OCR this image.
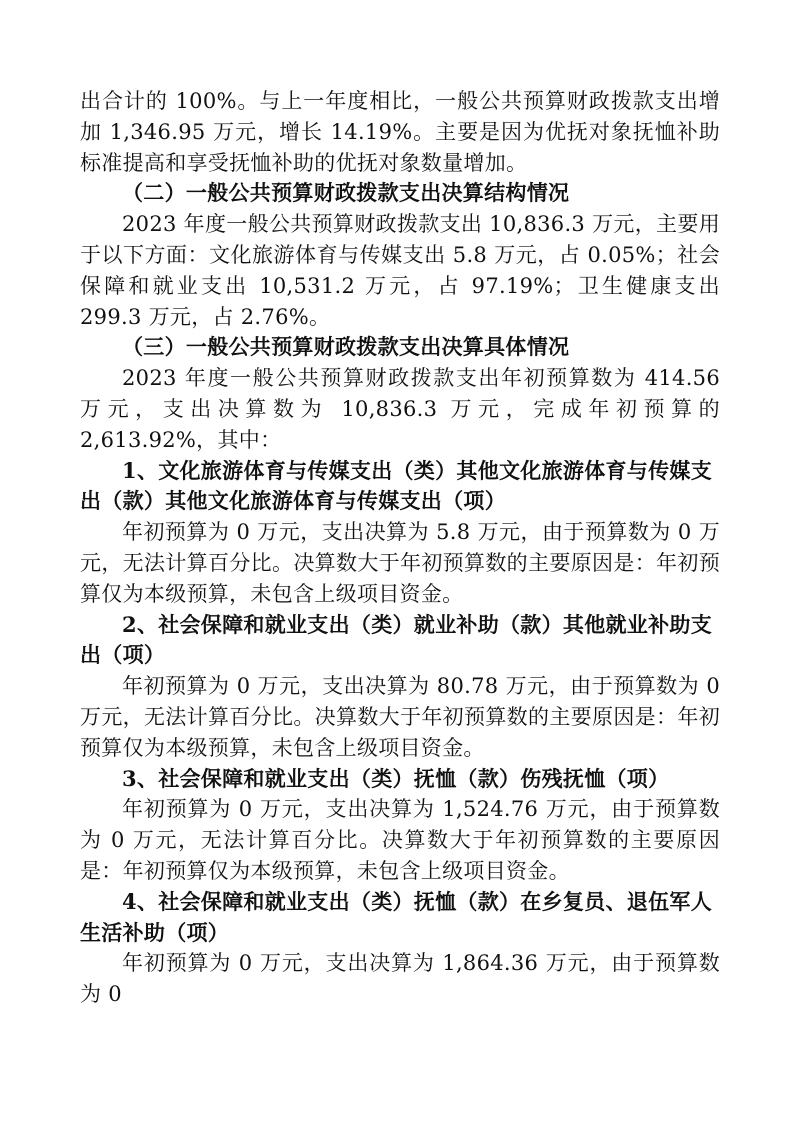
出合计的 100%。与上一年度相比，一般公共预算财政拨款支出增加 1,346.95 万元，增长 14.19%。主要是因为优抚对象抚恤补助标准提高和享受抚恤补助的优抚对象数量增加。

（二）一般公共预算财政拨款支出决算结构情况

2023 年度一般公共预算财政拨款支出 10,836.3 万元，主要用于以下方面：文化旅游体育与传媒支出 5.8 万元，占 0.05%；社会保障和就业支出 10,531.2 万元，占 97.19%；卫生健康支出 299.3 万元，占 2.76%。

（三）一般公共预算财政拨款支出决算具体情况

2023 年度一般公共预算财政拨款支出年初预算数为 414.56 万元，支出决算数为 10,836.3 万元，完成年初预算的 2,613.92%，其中：

1、文化旅游体育与传媒支出（类）其他文化旅游体育与传媒支出（款）其他文化旅游体育与传媒支出（项）

年初预算为 0 万元，支出决算为 5.8 万元，由于预算数为 0 万元，无法计算百分比。决算数大于年初预算数的主要原因是：年初预算仅为本级预算，未包含上级项目资金。

2、社会保障和就业支出（类）就业补助（款）其他就业补助支出（项）

年初预算为 0 万元，支出决算为 80.78 万元，由于预算数为 0 万元，无法计算百分比。决算数大于年初预算数的主要原因是：年初预算仅为本级预算，未包含上级项目资金。

3、社会保障和就业支出（类）抚恤（款）伤残抚恤（项）

年初预算为 0 万元，支出决算为 1,524.76 万元，由于预算数为 0 万元，无法计算百分比。决算数大于年初预算数的主要原因是：年初预算仅为本级预算，未包含上级项目资金。

4、社会保障和就业支出（类）抚恤（款）在乡复员、退伍军人生活补助（项）

年初预算为 0 万元，支出决算为 1,864.36 万元，由于预算数为 0
